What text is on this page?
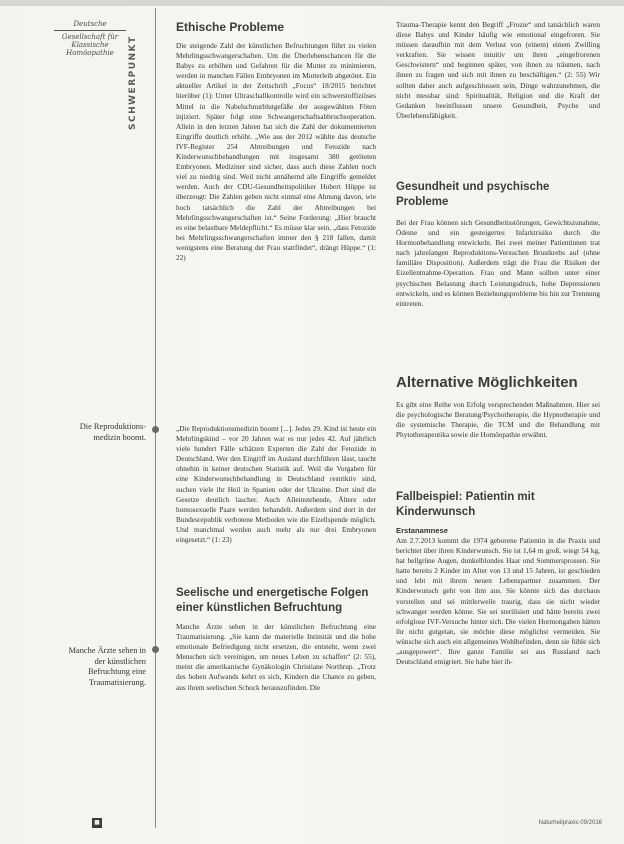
Deutsche
Gesellschaft für
Klassische
Homöopathie	SCHWERPUNKT
Die Reproduktions-medizin boomt.
Manche Ärzte sehen in der künstlichen Befruchtung eine Traumatisierung.
Ethische Probleme

Die steigende Zahl der künstlichen Befruchtungen führt zu vielen Mehrlingsschwangerschaften. Um die Überlebenschancen für die Babys zu erhöhen und Gefahren für die Mutter zu minimieren, werden in manchen Fällen Embryonen im Mutterleib abgetötet. Ein aktueller Artikel in der Zeitschrift „Focus“ 18/2015 berichtet hierüber (1): Unter Ultraschallkontrolle wird ein schwerstoffiziöses Mittel in die Nabelschnurblutgefäße der ausgewählten Föten injiziert. Später folgt eine Schwangerschaftsabbruchsoperation. Allein in den letzten Jahren hat sich die Zahl der dokumentierten Eingriffe deutlich erhöht. „Wie aus der 2012 wählte das deutsche IVF-Register 254 Abtreibungen und Fetozide nach Kinderwunschbehandlungen mit insgesamt 380 getöteten Embryonen. Mediziner sind sicher, dass auch diese Zahlen noch viel zu niedrig sind. Weil nicht annähernd alle Eingriffe gemeldet werden. Auch der CDU-Gesundheitspolitiker Hubert Hüppe ist überzeugt: Die Zahlen geben nicht einmal eine Ahnung davon, wie hoch tatsächlich die Zahl der Abtreibungen bei Mehrlingsschwangerschaften ist.“ Seine Forderung: „Hier braucht es eine belastbare Meldepflicht.“ Es müsse klar sein, „dass Fetozide bei Mehrlingsschwangerschaften immer den § 218 fallen, damit wenigstens eine Beratung der Frau stattfindet“, drängt Hüppe.“ (1: 22)

„Die Reproduktionsmedizin boomt [...]. Jedes 29. Kind ist heute ein Mehrlingskind – vor 20 Jahren war es nur jedes 42. Auf jährlich viele hundert Fälle schätzen Experten die Zahl der Fetozide in Deutschland. Wer den Eingriff im Ausland durchführen lässt, taucht ohnehin in keiner deutschen Statistik auf. Weil die Vorgaben für eine Kinderwunschbehandlung in Deutschland restriktiv sind, suchen viele ihr Heil in Spanien oder der Ukraine. Dort sind die Gesetze deutlich lascher. Auch Alleinstehende, Ältere oder homosexuelle Paare werden behandelt. Außerdem sind dort in der Bundesrepublik verbotene Methoden wie die Eizellspende möglich. Und manchmal werden auch mehr als nur drei Embryonen eingesetzt.“ (1: 23)

Seelische und energetische Folgen einer künstlichen Befruchtung

Manche Ärzte sehen in der künstlichen Befruchtung eine Traumatisierung. „Sie kann die materielle Intimität und die hohe emotionale Befriedigung nicht ersetzen, die entsteht, wenn zwei Menschen sich vereinigen, um neues Leben zu schaffen“ (2: 55), meint die amerikanische Gynäkologin Christiane Northrup. „Trotz des hohen Aufwands kehrt es sich, Kindern die Chance zu geben, aus ihrem seelischen Schock herauszufinden. Die

Trauma-Therapie kennt den Begriff „Frozie“ und tatsächlich waren diese Babys und Kinder häufig wie emotional eingefroren. Sie müssen daraufhin mit dem Verlust von (einem) einem Zwilling verkraften. Sie wissen intuitiv um ihren „eingefrorenen Geschwistern“ und beginnen später, von ihnen zu träumen, nach ihnen zu fragen und sich mit ihnen zu beschäftigen.“ (2: 55) Wir sollten daher auch aufgeschlossen sein, Dinge wahrzunehmen, die nicht messbar sind: Spiritualität, Religion und die Kraft der Gedanken beeinflussen unsere Gesundheit, Psyche und Überlebensfähigkeit.

Gesundheit und psychische Probleme

Bei der Frau können sich Gesundheitsstörungen, Gewichtszunahme, Ödeme und ein gesteigertes Infarktrisiko durch die Hormonbehandlung entwickeln. Bei zwei meiner Patientinnen trat nach jahrelangen Reproduktions-Versuchen Brustkrebs auf (ohne familiäre Disposition). Außerdem trägt die Frau die Risiken der Eizellentnahme-Operation. Frau und Mann sollten unter einer psychischen Belastung durch Leistungsdruck, hohe Depressionen entwickeln, und es können Beziehungsprobleme bis hin zur Trennung eintreten.

Alternative Möglichkeiten

Es gibt eine Reihe von Erfolg versprechenden Maßnahmen. Hier sei die psychologische Beratung/Psychotherapie, die Hypnotherapie und die systemische Therapie, die TCM und die Behandlung mit Phytotherapeutika sowie die Homöopathie erwähnt.

Fallbeispiel: Patientin mit Kinderwunsch
Erstanamnese

Am 2.7.2013 kommt die 1974 geborene Patientin in die Praxis und berichtet über ihren Kinderwunsch. Sie ist 1,64 m groß, wiegt 54 kg, hat hellgrüne Augen, dunkelblondes Haar und Sommersprossen. Sie hatte bereits 2 Kinder im Alter von 13 und 15 Jahren, ist geschieden und lebt mit ihrem neuen Lebenspartner zusammen. Der Kinderwunsch geht von ihm aus. Sie könnte sich das durchaus vorstellen und sei mittlerweile traurig, dass sie nicht wieder schwanger werden könne. Sie sei sterilisiert und hätte bereits zwei erfolglose IVF-Versuche hinter sich. Die vielen Hormongaben hätten ihr nicht gutgetan, sie möchte diese möglichst vermeiden. Sie wünsche sich auch ein allgemeines Wohlbefinden, denn sie fühle sich „ausgepowert“. Ihre ganze Familie sei aus Russland nach Deutschland emigriert. Sie habe hier ih-

■	Naturheilpraxis 09/2016
